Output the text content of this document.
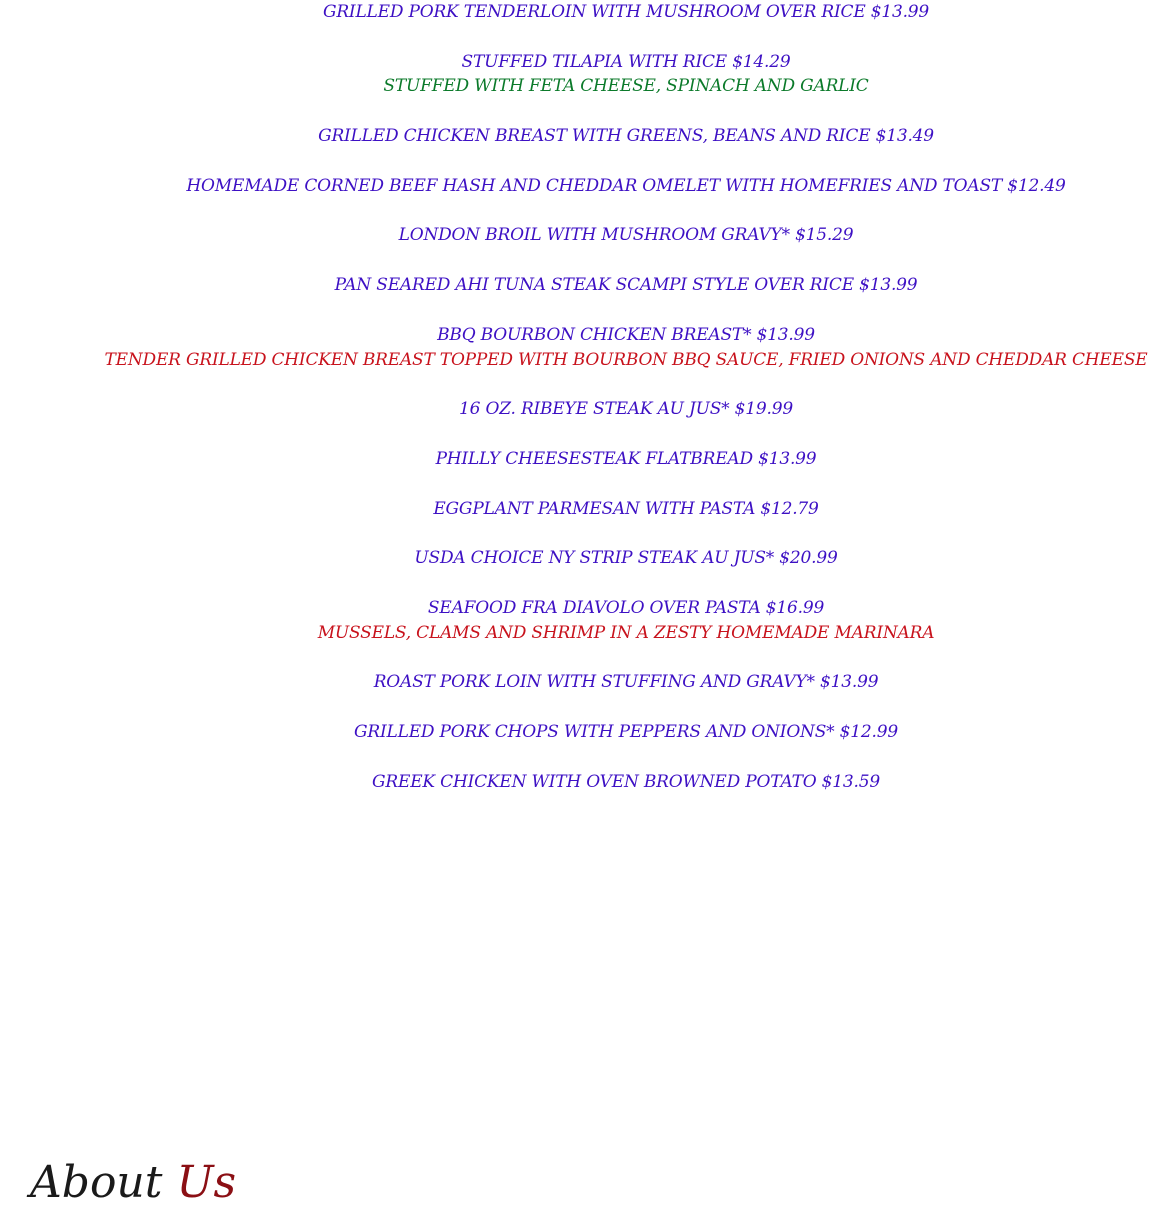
GRILLED PORK TENDERLOIN WITH MUSHROOM OVER RICE $13.99
STUFFED TILAPIA WITH RICE $14.29
STUFFED WITH FETA CHEESE, SPINACH AND GARLIC
GRILLED CHICKEN BREAST WITH GREENS, BEANS AND RICE $13.49
HOMEMADE CORNED BEEF HASH AND CHEDDAR OMELET WITH HOMEFRIES AND TOAST $12.49
LONDON BROIL WITH MUSHROOM GRAVY* $15.29
PAN SEARED AHI TUNA STEAK SCAMPI STYLE OVER RICE $13.99
BBQ BOURBON CHICKEN BREAST* $13.99
TENDER GRILLED CHICKEN BREAST TOPPED WITH BOURBON BBQ SAUCE, FRIED ONIONS AND CHEDDAR CHEESE
16 OZ. RIBEYE STEAK AU JUS* $19.99
PHILLY CHEESESTEAK FLATBREAD $13.99
EGGPLANT PARMESAN WITH PASTA $12.79
USDA CHOICE NY STRIP STEAK AU JUS* $20.99
SEAFOOD FRA DIAVOLO OVER PASTA $16.99
MUSSELS, CLAMS AND SHRIMP IN A ZESTY HOMEMADE MARINARA
ROAST PORK LOIN WITH STUFFING AND GRAVY* $13.99
GRILLED PORK CHOPS WITH PEPPERS AND ONIONS* $12.99
GREEK CHICKEN WITH OVEN BROWNED POTATO $13.59
About Us
